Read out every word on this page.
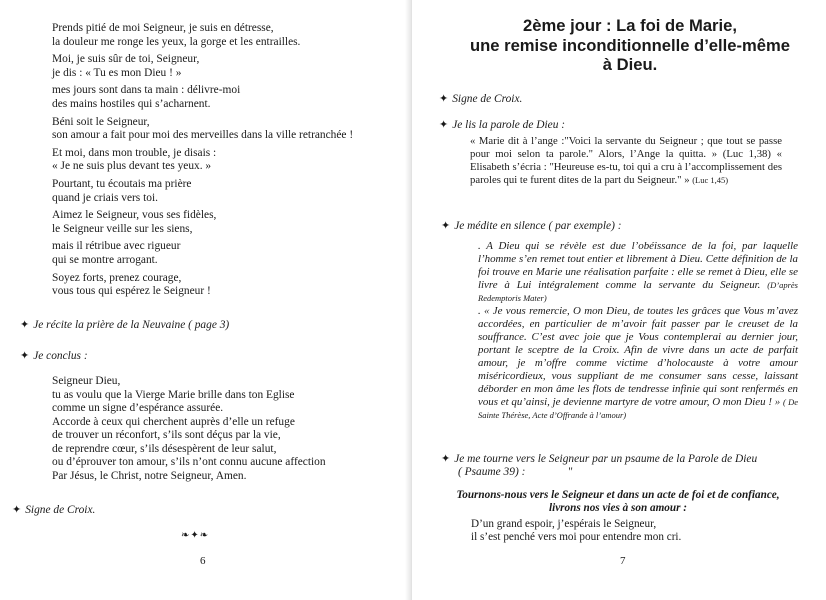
Prends pitié de moi Seigneur, je suis en détresse,
la douleur me ronge les yeux, la gorge et les entrailles.
Moi, je suis sûr de toi, Seigneur,
je dis : « Tu es mon Dieu ! »
mes jours sont dans ta main : délivre-moi
des mains hostiles qui s’acharnent.
Béni soit le Seigneur,
son amour a fait pour moi des merveilles dans la ville retranchée !
Et moi, dans mon trouble, je disais :
« Je ne suis plus devant tes yeux. »
Pourtant, tu écoutais ma prière
quand je criais vers toi.
Aimez le Seigneur, vous ses fidèles,
le Seigneur veille sur les siens,
mais il rétribue avec rigueur
qui se montre arrogant.
Soyez forts, prenez courage,
vous tous qui espérez le Seigneur !
✦ Je récite la prière de la Neuvaine ( page 3)
✦ Je conclus :
Seigneur Dieu,
tu as voulu que la Vierge Marie brille dans ton Eglise
comme un signe d’espérance assurée.
Accorde à ceux qui cherchent auprès d’elle un refuge
de trouver un réconfort, s’ils sont déçus par la vie,
de reprendre cœur, s’ils désespèrent de leur salut,
ou d’éprouver ton amour, s’ils n’ont connu aucune affection
Par Jésus, le Christ, notre Seigneur, Amen.
✦ Signe de Croix.
❧✦❧
6
2ème jour : La foi de Marie,
une remise inconditionnelle d’elle-même
à Dieu.
✦ Signe de Croix.
✦ Je lis la parole de Dieu :
« Marie dit à l’ange :"Voici la servante du Seigneur ; que tout se passe pour moi selon ta parole." Alors, l’Ange la quitta. » (Luc 1,38) « Elisabeth s’écria : "Heureuse es-tu, toi qui a cru à l’accomplissement des paroles qui te furent dites de la part du Seigneur." » (Luc 1,45)
✦ Je médite en silence ( par exemple) :
. A Dieu qui se révèle est due l’obéissance de la foi, par laquelle l’homme s’en remet tout entier et librement à Dieu. Cette définition de la foi trouve en Marie une réalisation parfaite : elle se remet à Dieu, elle se livre à Lui intégralement comme la servante du Seigneur. (D’après Redemptoris Mater)
. « Je vous remercie, O mon Dieu, de toutes les grâces que Vous m’avez accordées, en particulier de m’avoir fait passer par le creuset de la souffrance. C’est avec joie que je Vous contemplerai au dernier jour, portant le sceptre de la Croix. Afin de vivre dans un acte de parfait amour, je m’offre comme victime d’holocauste à votre amour miséricordieux, vous suppliant de me consumer sans cesse, laissant déborder en mon âme les flots de tendresse infinie qui sont renfermés en vous et qu’ainsi, je devienne martyre de votre amour, O mon Dieu ! » ( De Sainte Thérèse, Acte d’Offrande à l’amour)
✦ Je me tourne vers le Seigneur par un psaume de la Parole de Dieu
( Psaume 39) :	"
Tournons-nous vers le Seigneur et dans un acte de foi et de confiance,
livrons nos vies à son amour :
D’un grand espoir, j’espérais le Seigneur,
il s’est penché vers moi pour entendre mon cri.
7
